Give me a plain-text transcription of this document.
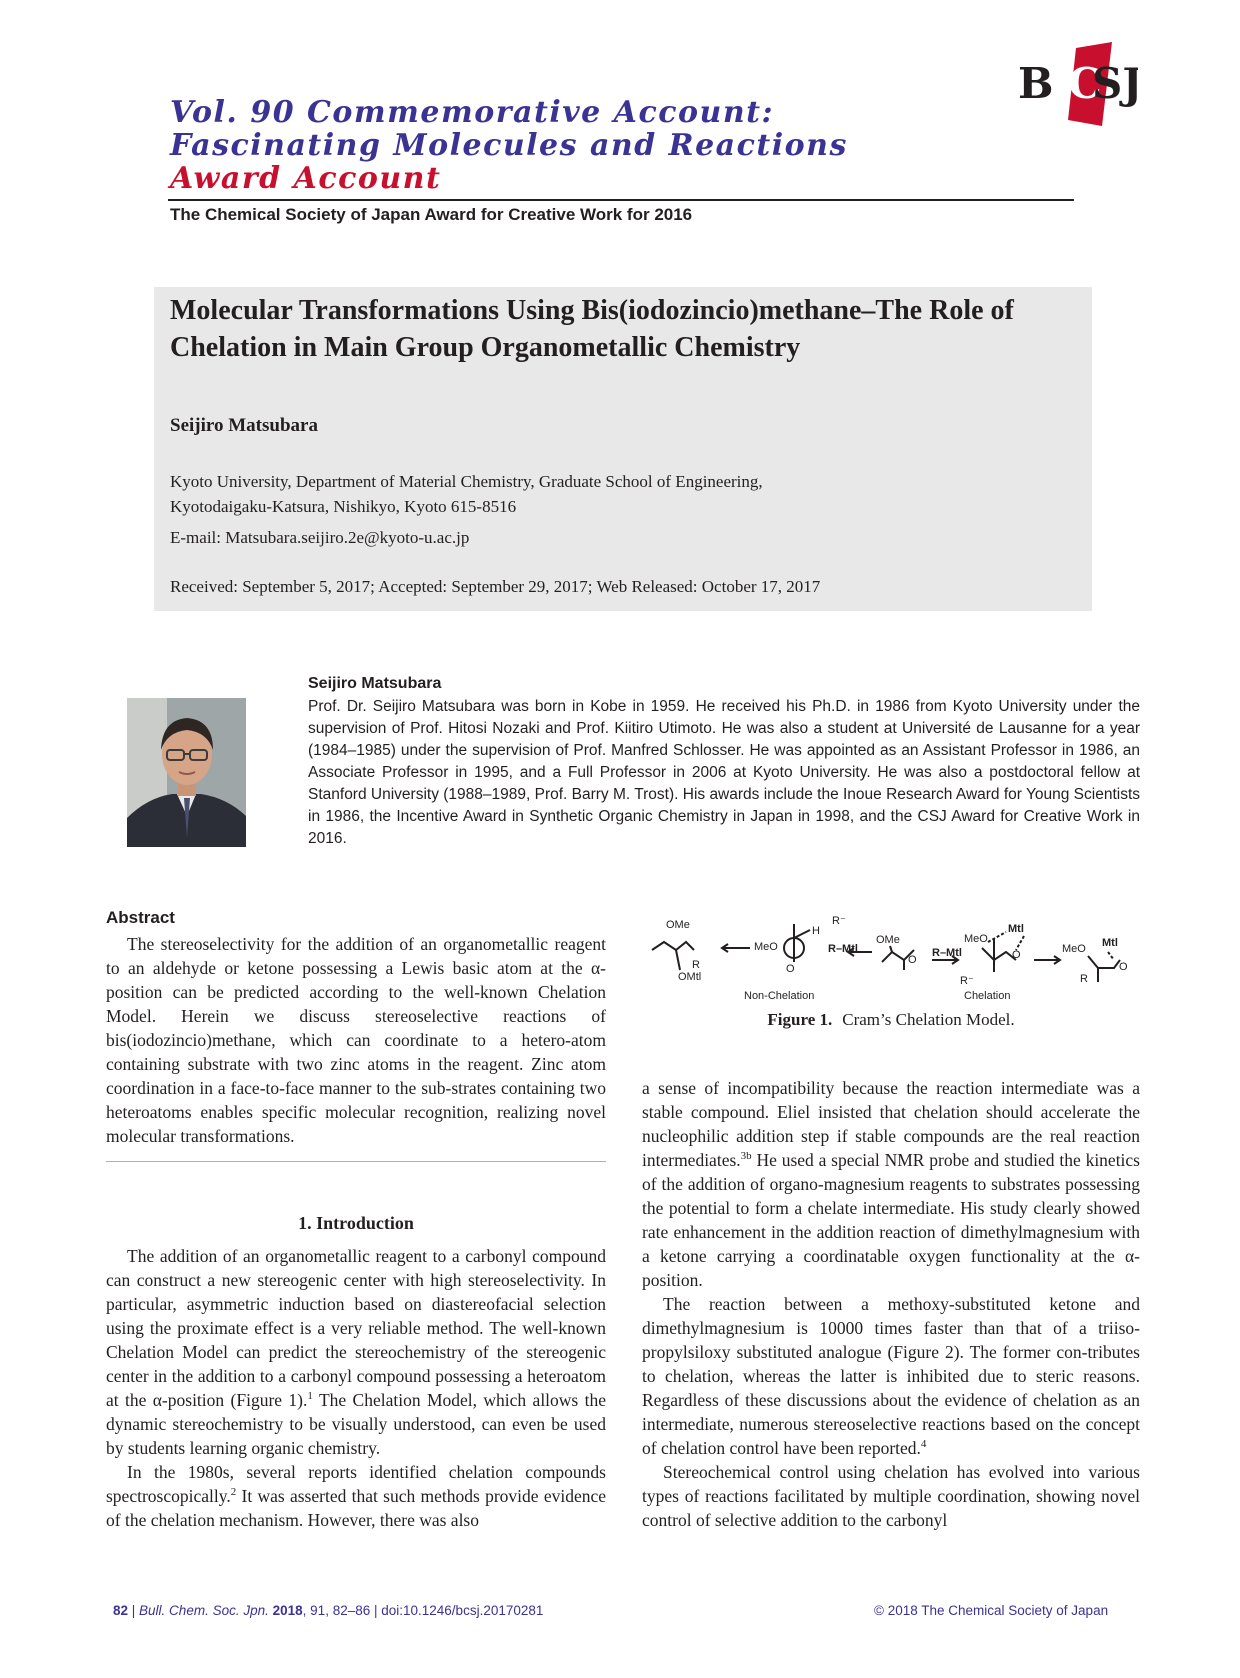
Vol. 90 Commemorative Account:
Fascinating Molecules and Reactions
Award Account
B C
SJ
The Chemical Society of Japan Award for Creative Work for 2016
Molecular Transformations Using Bis(iodozincio)methane–The Role of Chelation in Main Group Organometallic Chemistry
Seijiro Matsubara
Kyoto University, Department of Material Chemistry, Graduate School of Engineering,
Kyotodaigaku-Katsura, Nishikyo, Kyoto 615-8516
E-mail: Matsubara.seijiro.2e@kyoto-u.ac.jp
Received: September 5, 2017; Accepted: September 29, 2017; Web Released: October 17, 2017
Seijiro Matsubara
Prof. Dr. Seijiro Matsubara was born in Kobe in 1959. He received his Ph.D. in 1986 from Kyoto University under the supervision of Prof. Hitosi Nozaki and Prof. Kiitiro Utimoto. He was also a student at Université de Lausanne for a year (1984–1985) under the supervision of Prof. Manfred Schlosser. He was appointed as an Assistant Professor in 1986, an Associate Professor in 1995, and a Full Professor in 2006 at Kyoto University. He was also a postdoctoral fellow at Stanford University (1988–1989, Prof. Barry M. Trost). His awards include the Inoue Research Award for Young Scientists in 1986, the Incentive Award in Synthetic Organic Chemistry in Japan in 1998, and the CSJ Award for Creative Work in 2016.
Abstract

The stereoselectivity for the addition of an organometallic reagent to an aldehyde or ketone possessing a Lewis basic atom at the α-position can be predicted according to the well-known Chelation Model. Herein we discuss stereoselective reactions of bis(iodozincio)methane, which can coordinate to a hetero-atom containing substrate with two zinc atoms in the reagent. Zinc atom coordination in a face-to-face manner to the sub-strates containing two heteroatoms enables specific molecular recognition, realizing novel molecular transformations.

1. Introduction

The addition of an organometallic reagent to a carbonyl compound can construct a new stereogenic center with high stereoselectivity. In particular, asymmetric induction based on diastereofacial selection using the proximate effect is a very reliable method. The well-known Chelation Model can predict the stereochemistry of the stereogenic center in the addition to a carbonyl compound possessing a heteroatom at the α-position (Figure 1).$^1$ The Chelation Model, which allows the dynamic stereochemistry to be visually understood, can even be used by students learning organic chemistry.

In the 1980s, several reports identified chelation compounds spectroscopically.$^2$ It was asserted that such methods provide evidence of the chelation mechanism. However, there was also

OMe
R
OMtl
MeO
H
R⁻
O
R–Mtl
Non-Chelation
OMe
O
R–Mtl
MeO
Mtl
O
R⁻
Chelation
MeO Mtl
O
R
Figure 1. Cram’s Chelation Model.

a sense of incompatibility because the reaction intermediate was a stable compound. Eliel insisted that chelation should accelerate the nucleophilic addition step if stable compounds are the real reaction intermediates.$^{3b}$ He used a special NMR probe and studied the kinetics of the addition of organo-magnesium reagents to substrates possessing the potential to form a chelate intermediate. His study clearly showed rate enhancement in the addition reaction of dimethylmagnesium with a ketone carrying a coordinatable oxygen functionality at the α-position.

The reaction between a methoxy-substituted ketone and dimethylmagnesium is 10000 times faster than that of a triiso-propylsiloxy substituted analogue (Figure 2). The former con-tributes to chelation, whereas the latter is inhibited due to steric reasons. Regardless of these discussions about the evidence of chelation as an intermediate, numerous stereoselective reactions based on the concept of chelation control have been reported.$^4$

Stereochemical control using chelation has evolved into various types of reactions facilitated by multiple coordination, showing novel control of selective addition to the carbonyl

82 | Bull. Chem. Soc. Jpn. 2018, 91, 82–86 | doi:10.1246/bcsj.20170281	© 2018 The Chemical Society of Japan
